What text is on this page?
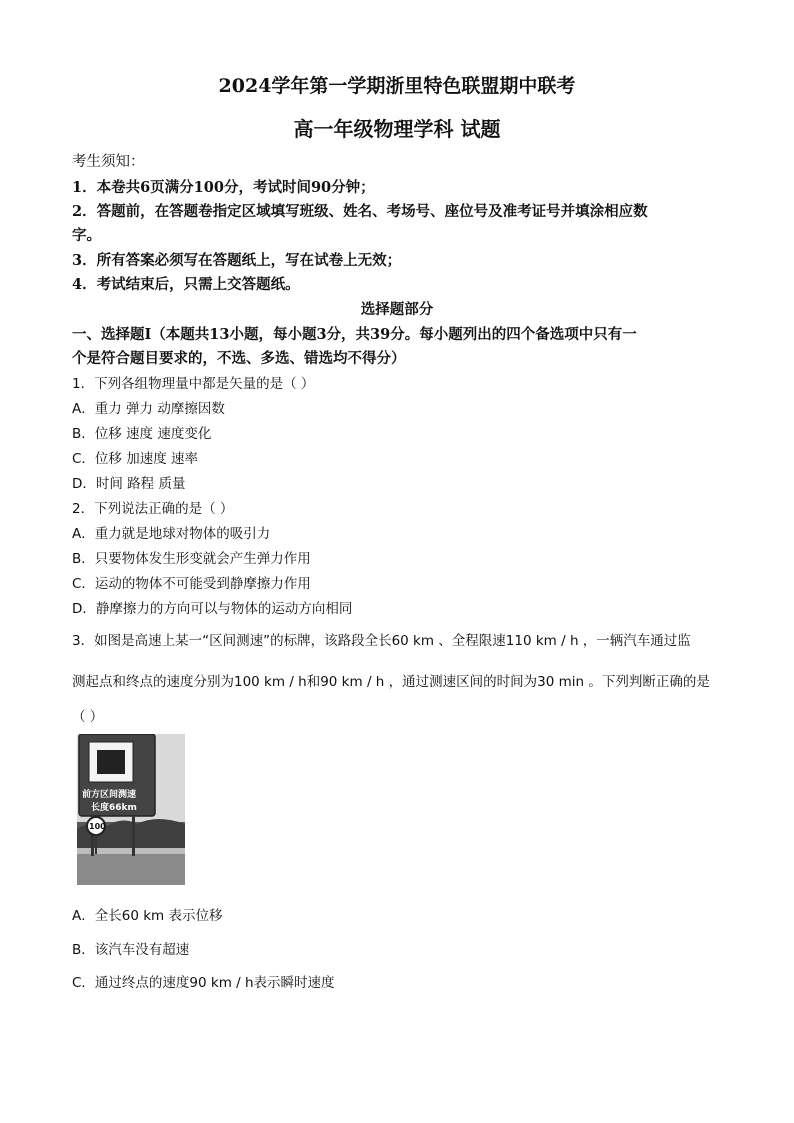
2024学年第一学期浙里特色联盟期中联考
高一年级物理学科 试题
考生须知：
1．本卷共6页满分100分，考试时间90分钟；
2．答题前，在答题卷指定区域填写班级、姓名、考场号、座位号及准考证号并填涂相应数
字。
3．所有答案必须写在答题纸上，写在试卷上无效；
4．考试结束后，只需上交答题纸。
选择题部分
一、选择题Ⅰ（本题共13小题，每小题3分，共39分。每小题列出的四个备选项中只有一
个是符合题目要求的，不选、多选、错选均不得分）
1．下列各组物理量中都是矢量的是（ ）
A．重力 弹力 动摩擦因数
B．位移 速度 速度变化
C．位移 加速度 速率
D．时间 路程 质量
2．下列说法正确的是（ ）
A．重力就是地球对物体的吸引力
B．只要物体发生形变就会产生弹力作用
C．运动的物体不可能受到静摩擦力作用
D．静摩擦力的方向可以与物体的运动方向相同
3．如图是高速上某一“区间测速”的标牌，该路段全长60 km 、全程限速110 km / h ，一辆汽车通过监
测起点和终点的速度分别为100 km / h和90 km / h ，通过测速区间的时间为30 min 。下列判断正确的是
（ ）
前方区间测速
长度66km
100
A．全长60 km 表示位移
B．该汽车没有超速
C．通过终点的速度90 km / h表示瞬时速度
